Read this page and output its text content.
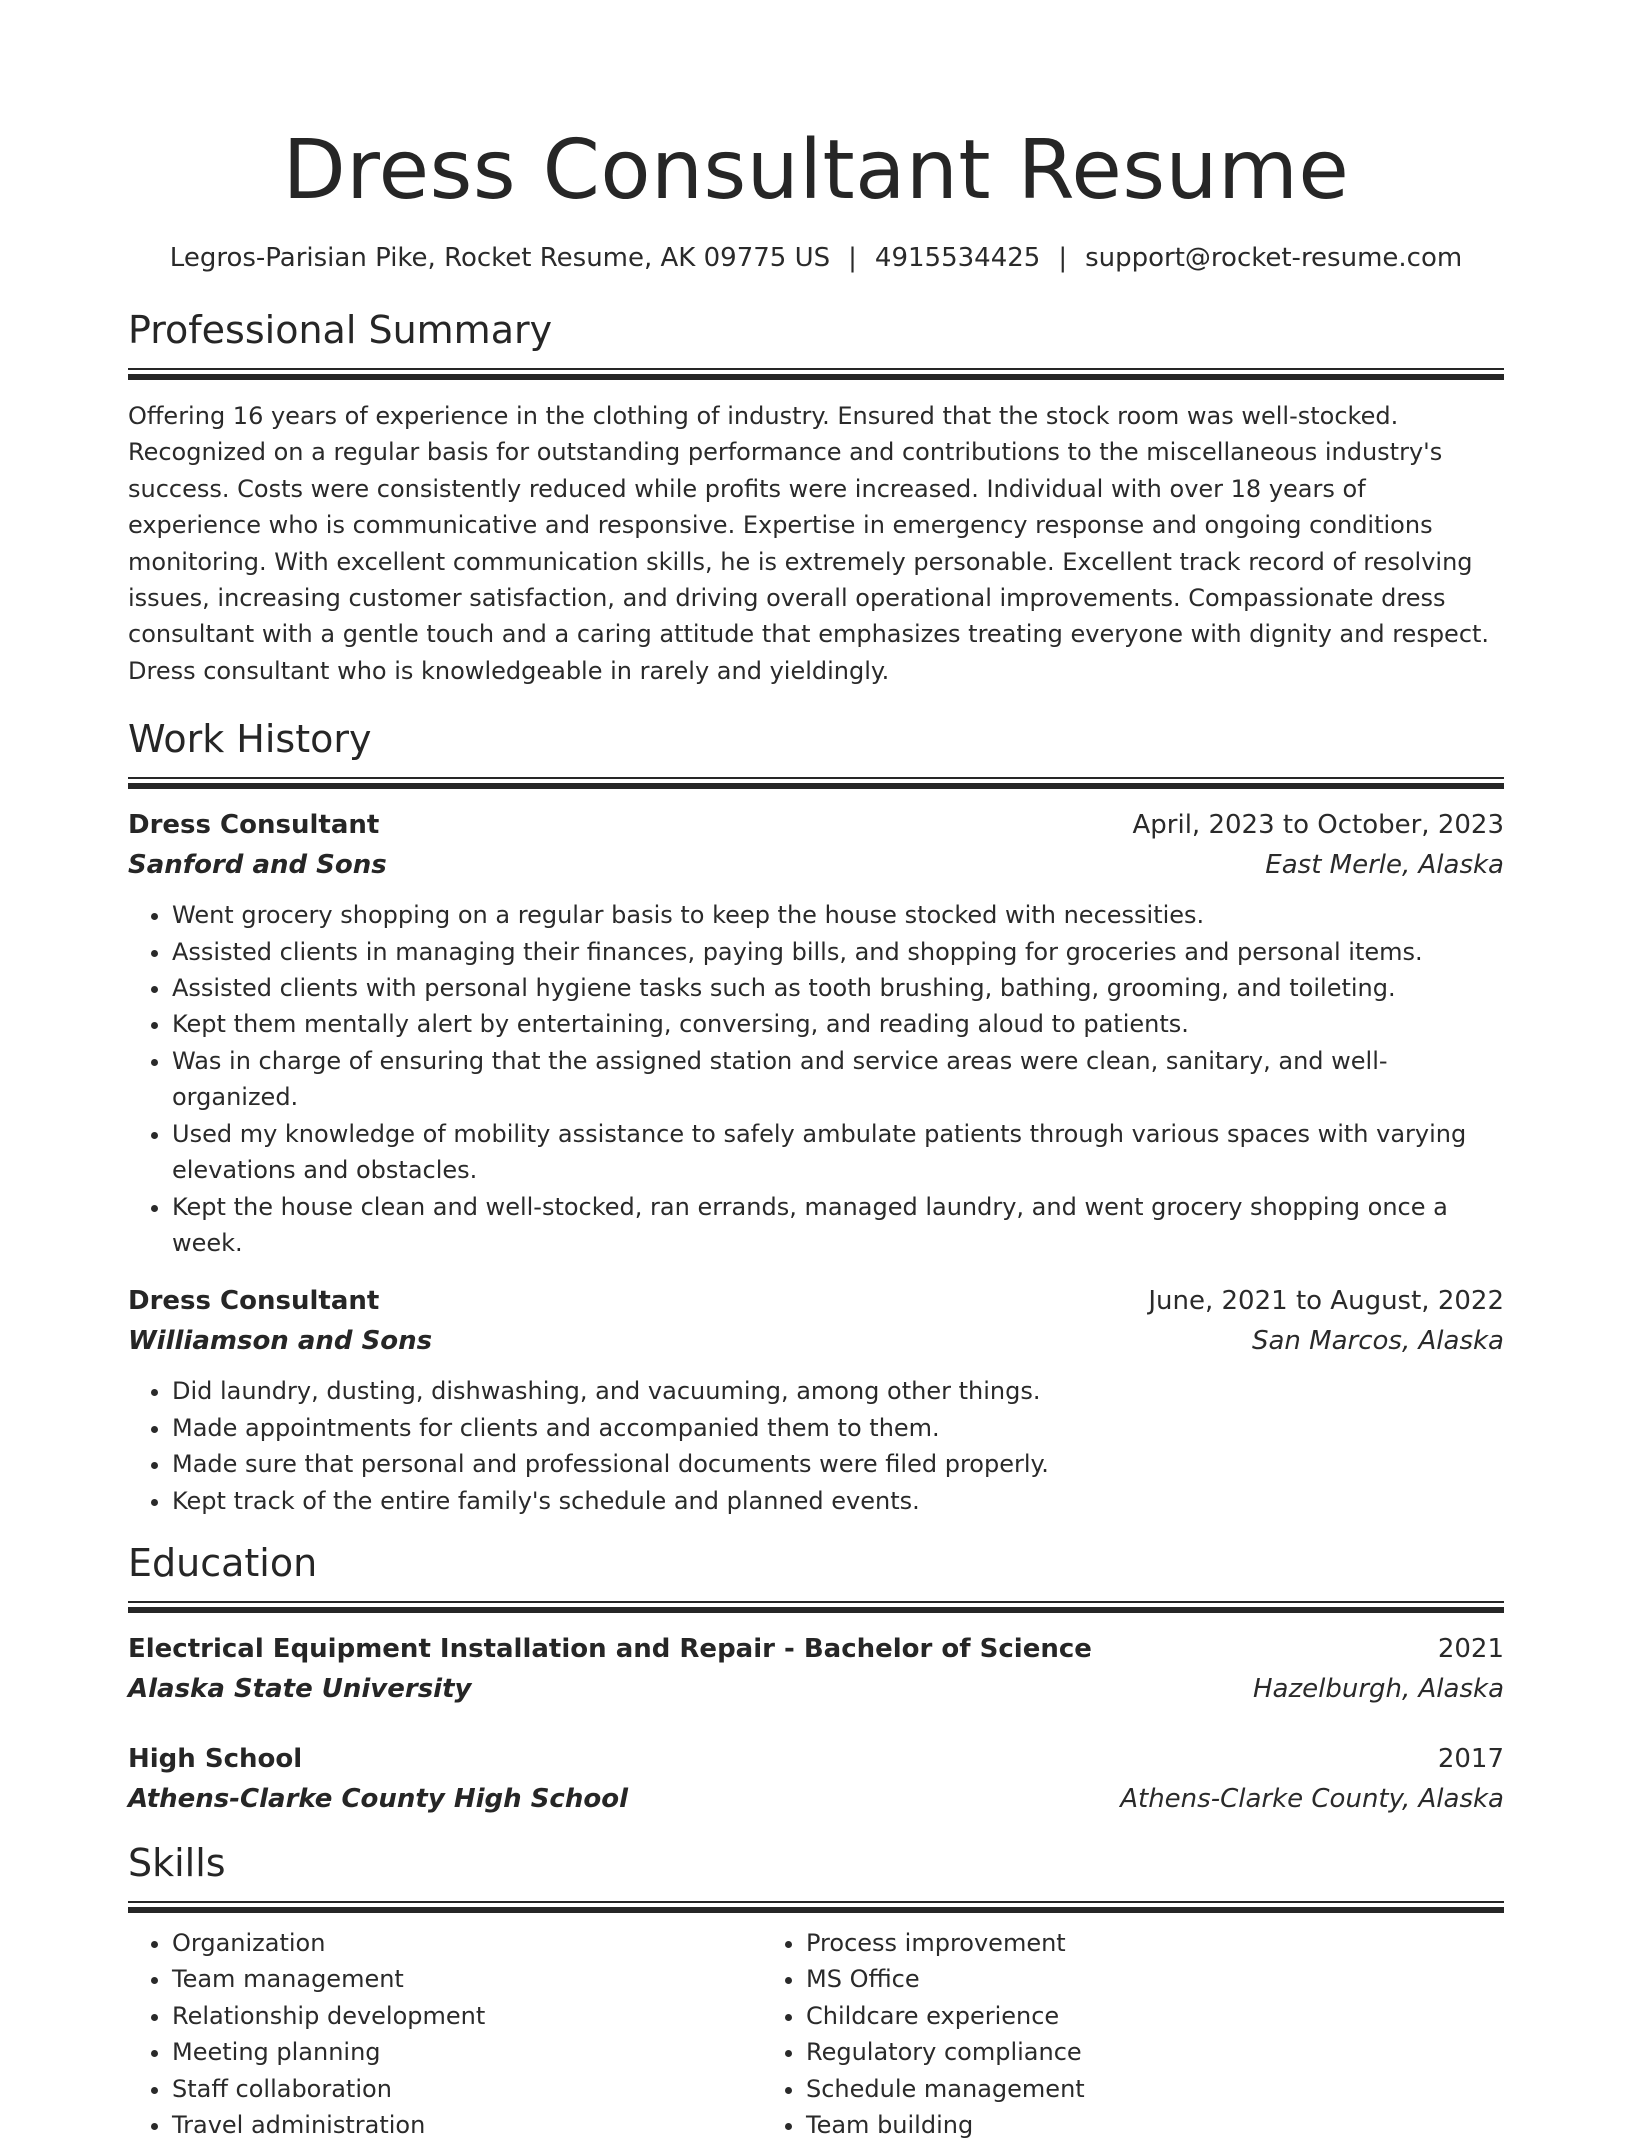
Dress Consultant Resume
Legros-Parisian Pike, Rocket Resume, AK 09775 US | 4915534425 | support@rocket-resume.com
Professional Summary
Offering 16 years of experience in the clothing of industry. Ensured that the stock room was well-stocked. Recognized on a regular basis for outstanding performance and contributions to the miscellaneous industry's success. Costs were consistently reduced while profits were increased. Individual with over 18 years of experience who is communicative and responsive. Expertise in emergency response and ongoing conditions monitoring. With excellent communication skills, he is extremely personable. Excellent track record of resolving issues, increasing customer satisfaction, and driving overall operational improvements. Compassionate dress consultant with a gentle touch and a caring attitude that emphasizes treating everyone with dignity and respect. Dress consultant who is knowledgeable in rarely and yieldingly.
Work History
Dress Consultant	April, 2023 to October, 2023
Sanford and Sons	East Merle, Alaska
• Went grocery shopping on a regular basis to keep the house stocked with necessities.
• Assisted clients in managing their finances, paying bills, and shopping for groceries and personal items.
• Assisted clients with personal hygiene tasks such as tooth brushing, bathing, grooming, and toileting.
• Kept them mentally alert by entertaining, conversing, and reading aloud to patients.
• Was in charge of ensuring that the assigned station and service areas were clean, sanitary, and well-organized.
• Used my knowledge of mobility assistance to safely ambulate patients through various spaces with varying elevations and obstacles.
• Kept the house clean and well-stocked, ran errands, managed laundry, and went grocery shopping once a week.
Dress Consultant	June, 2021 to August, 2022
Williamson and Sons	San Marcos, Alaska
• Did laundry, dusting, dishwashing, and vacuuming, among other things.
• Made appointments for clients and accompanied them to them.
• Made sure that personal and professional documents were filed properly.
• Kept track of the entire family's schedule and planned events.
Education
Electrical Equipment Installation and Repair - Bachelor of Science	2021
Alaska State University	Hazelburgh, Alaska
High School	2017
Athens-Clarke County High School	Athens-Clarke County, Alaska
Skills
• Organization
• Team management
• Relationship development
• Meeting planning
• Staff collaboration
• Travel administration
• Process improvement
• MS Office
• Childcare experience
• Regulatory compliance
• Schedule management
• Team building
